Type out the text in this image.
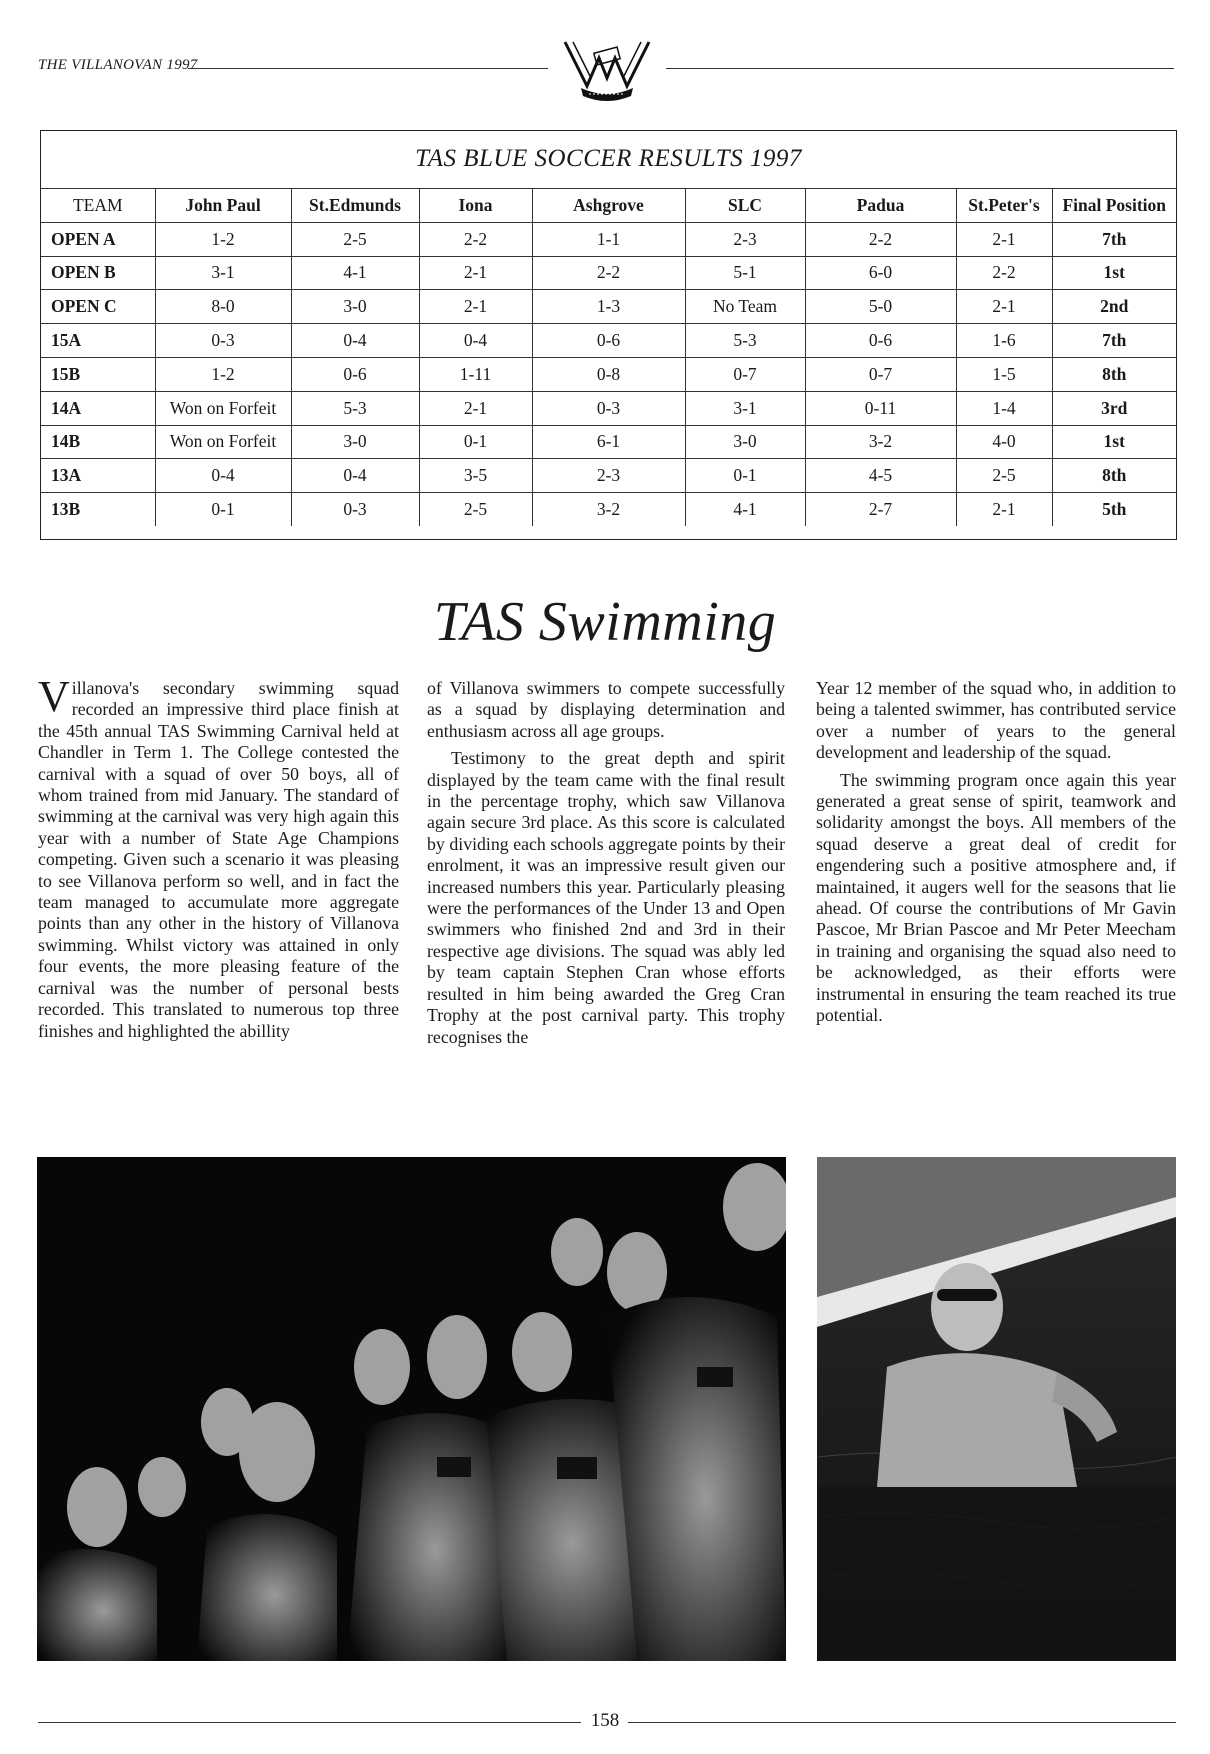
THE VILLANOVAN 1997
TAS BLUE SOCCER RESULTS 1997
TEAM	John Paul	St.Edmunds	Iona	Ashgrove	SLC	Padua	St.Peter's	Final Position
OPEN A	1-2	2-5	2-2	1-1	2-3	2-2	2-1	7th
OPEN B	3-1	4-1	2-1	2-2	5-1	6-0	2-2	1st
OPEN C	8-0	3-0	2-1	1-3	No Team	5-0	2-1	2nd
15A	0-3	0-4	0-4	0-6	5-3	0-6	1-6	7th
15B	1-2	0-6	1-11	0-8	0-7	0-7	1-5	8th
14A	Won on Forfeit	5-3	2-1	0-3	3-1	0-11	1-4	3rd
14B	Won on Forfeit	3-0	0-1	6-1	3-0	3-2	4-0	1st
13A	0-4	0-4	3-5	2-3	0-1	4-5	2-5	8th
13B	0-1	0-3	2-5	3-2	4-1	2-7	2-1	5th
TAS Swimming

Villanova's secondary swimming squad recorded an impressive third place finish at the 45th annual TAS Swimming Carnival held at Chandler in Term 1. The College contested the carnival with a squad of over 50 boys, all of whom trained from mid January. The standard of swimming at the carnival was very high again this year with a number of State Age Champions competing. Given such a scenario it was pleasing to see Villanova perform so well, and in fact the team managed to accumulate more aggregate points than any other in the history of Villanova swimming. Whilst victory was attained in only four events, the more pleasing feature of the carnival was the number of personal bests recorded. This translated to numerous top three finishes and highlighted the abillity

of Villanova swimmers to compete successfully as a squad by displaying determination and enthusiasm across all age groups.

Testimony to the great depth and spirit displayed by the team came with the final result in the percentage trophy, which saw Villanova again secure 3rd place. As this score is calculated by dividing each schools aggregate points by their enrolment, it was an impressive result given our increased numbers this year. Particularly pleasing were the performances of the Under 13 and Open swimmers who finished 2nd and 3rd in their respective age divisions. The squad was ably led by team captain Stephen Cran whose efforts resulted in him being awarded the Greg Cran Trophy at the post carnival party. This trophy recognises the

Year 12 member of the squad who, in addition to being a talented swimmer, has contributed service over a number of years to the general development and leadership of the squad.

The swimming program once again this year generated a great sense of spirit, teamwork and solidarity amongst the boys. All members of the squad deserve a great deal of credit for engendering such a positive atmosphere and, if maintained, it augers well for the seasons that lie ahead. Of course the contributions of Mr Gavin Pascoe, Mr Brian Pascoe and Mr Peter Meecham in training and organising the squad also need to be acknowledged, as their efforts were instrumental in ensuring the team reached its true potential.

158
